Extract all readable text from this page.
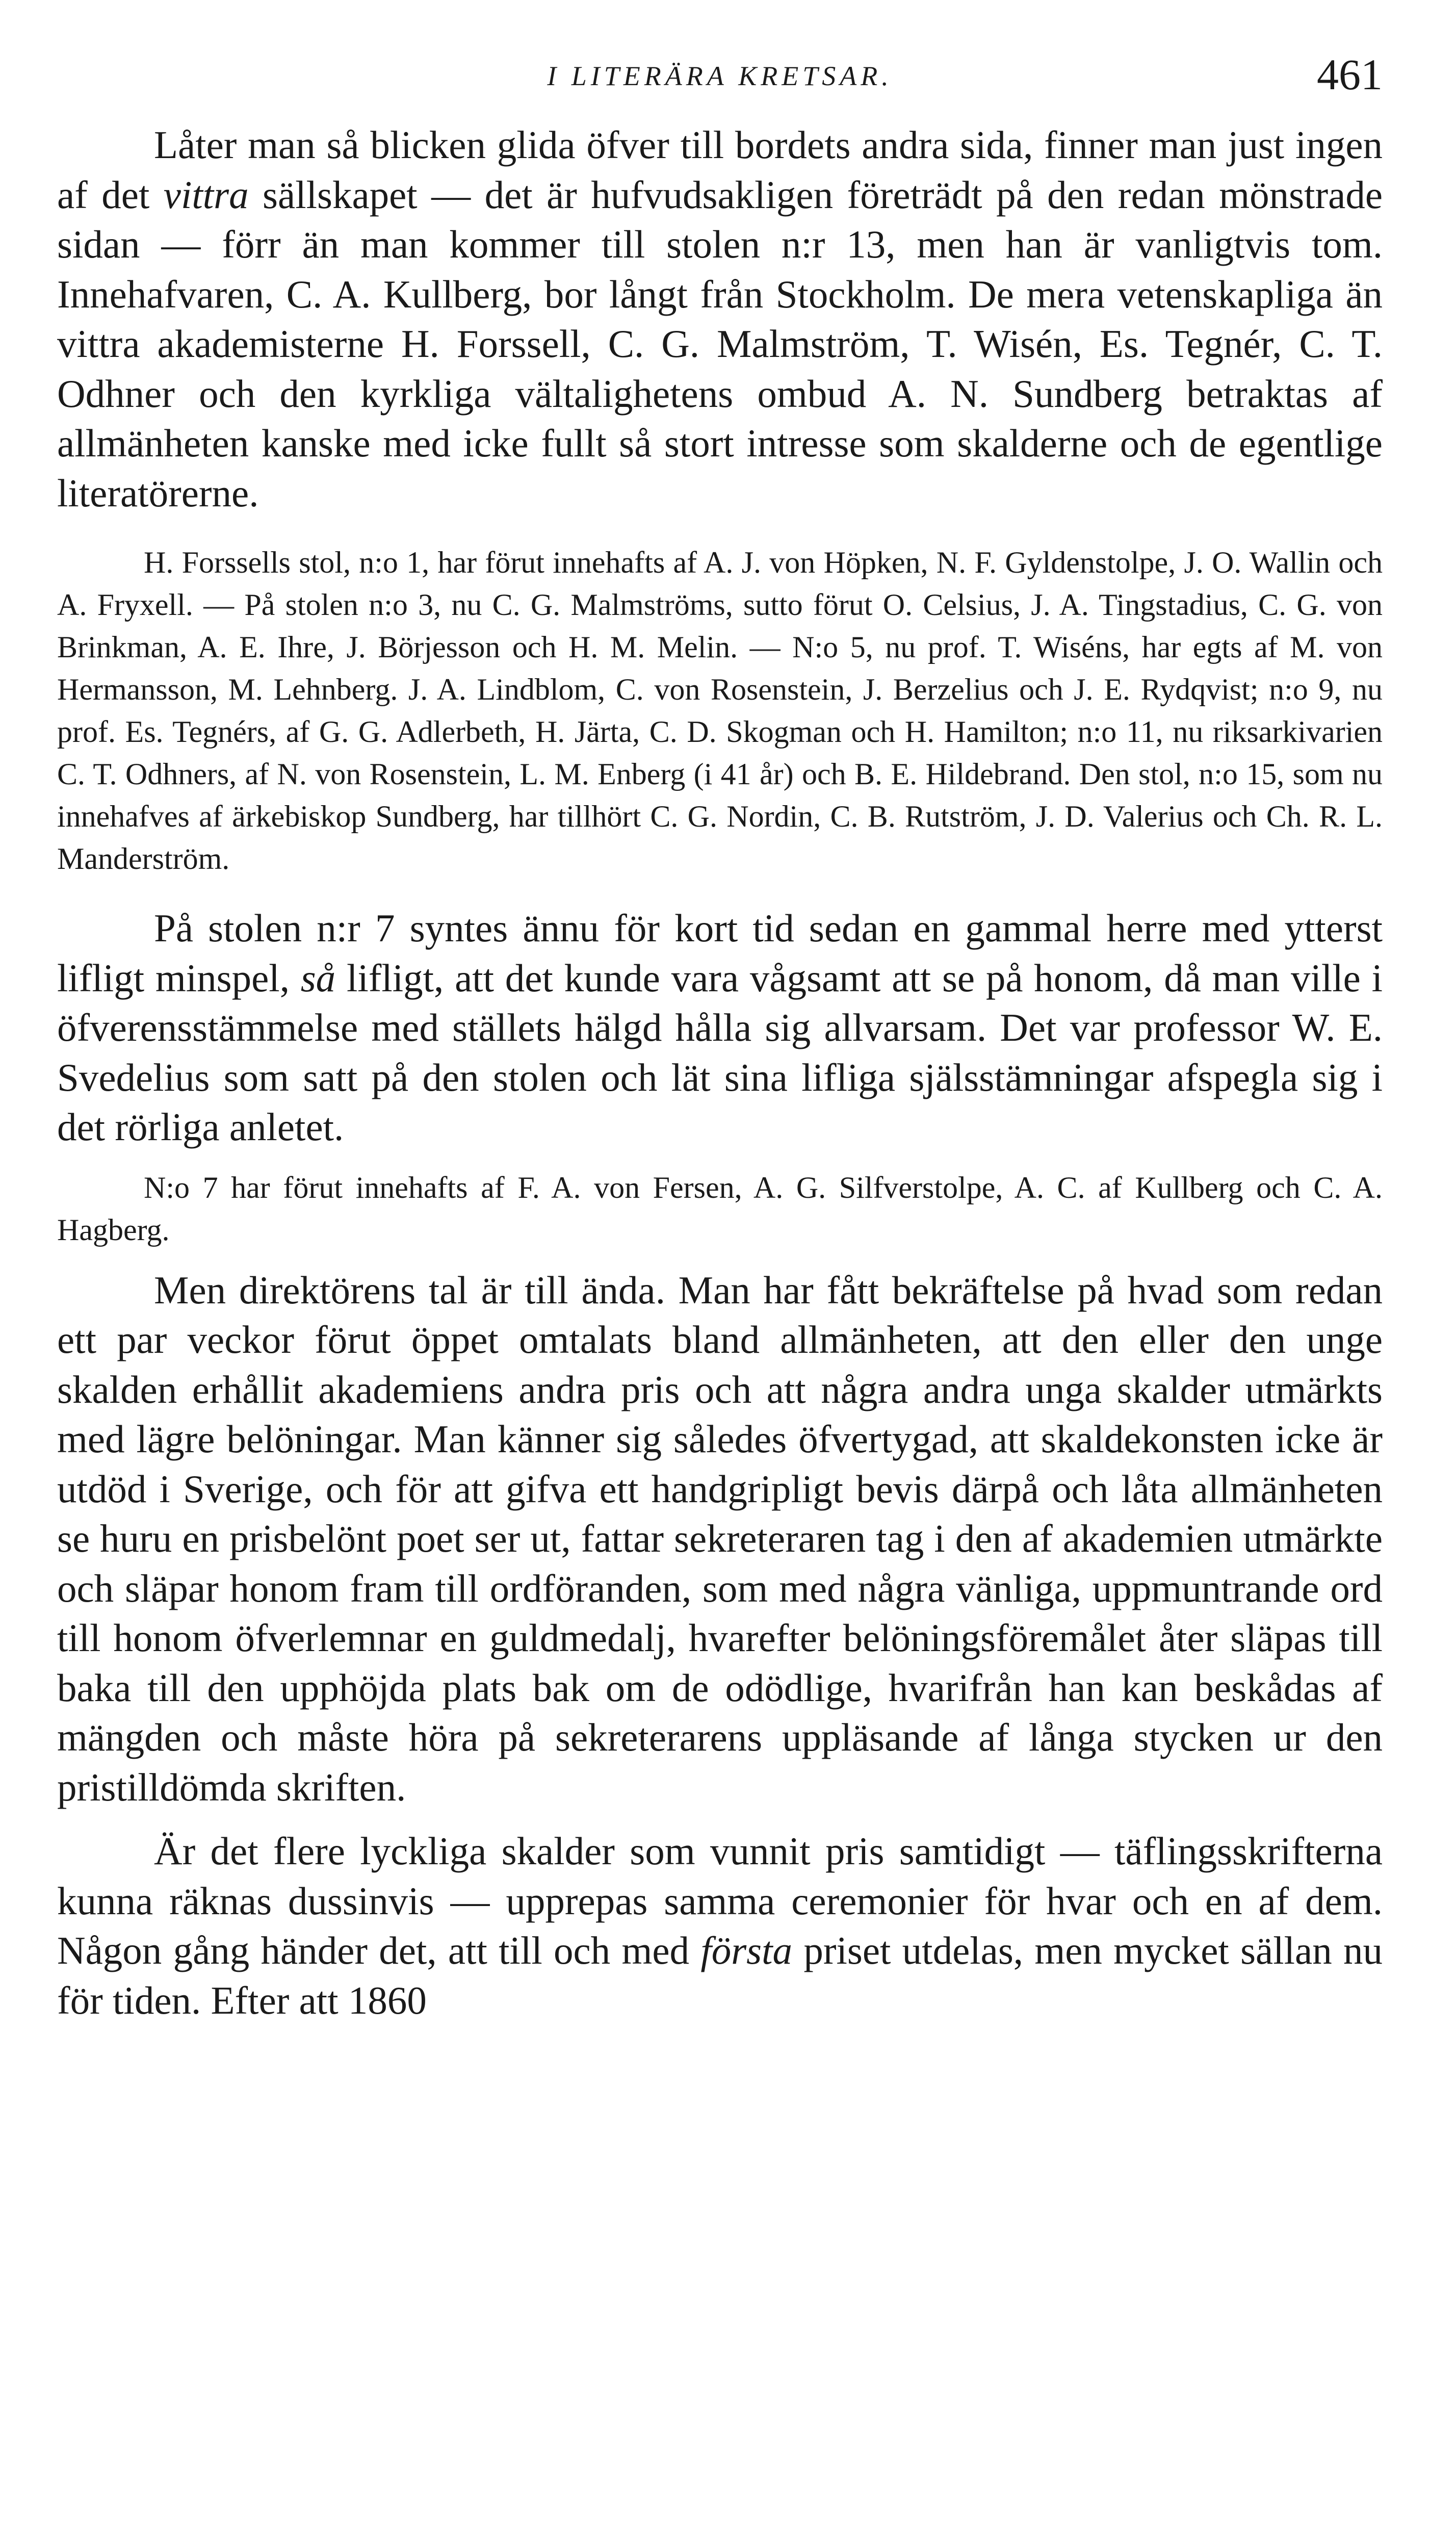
I LITERÄRA KRETSAR.	461

Låter man så blicken glida öfver till bordets andra sida, finner man just ingen af det vittra sällskapet — det är hufvudsakligen företrädt på den redan mönstrade sidan — förr än man kommer till stolen n:r 13, men han är vanligtvis tom. Innehafvaren, C. A. Kullberg, bor långt från Stockholm. De mera vetenskapliga än vittra akademisterne H. Forssell, C. G. Malmström, T. Wisén, Es. Tegnér, C. T. Odhner och den kyrkliga vältalighetens ombud A. N. Sundberg betraktas af allmänheten kanske med icke fullt så stort intresse som skalderne och de egentlige literatörerne.

H. Forssells stol, n:o 1, har förut innehafts af A. J. von Höpken, N. F. Gyldenstolpe, J. O. Wallin och A. Fryxell. — På stolen n:o 3, nu C. G. Malmströms, sutto förut O. Celsius, J. A. Tingstadius, C. G. von Brinkman, A. E. Ihre, J. Börjesson och H. M. Melin. — N:o 5, nu prof. T. Wiséns, har egts af M. von Hermansson, M. Lehnberg. J. A. Lindblom, C. von Rosenstein, J. Berzelius och J. E. Rydqvist; n:o 9, nu prof. Es. Tegnérs, af G. G. Adlerbeth, H. Järta, C. D. Skogman och H. Hamilton; n:o 11, nu riksarkivarien C. T. Odhners, af N. von Rosenstein, L. M. Enberg (i 41 år) och B. E. Hildebrand. Den stol, n:o 15, som nu innehafves af ärkebiskop Sundberg, har tillhört C. G. Nordin, C. B. Rutström, J. D. Valerius och Ch. R. L. Manderström.

På stolen n:r 7 syntes ännu för kort tid sedan en gammal herre med ytterst lifligt minspel, så lifligt, att det kunde vara vågsamt att se på honom, då man ville i öfverensstämmelse med ställets hälgd hålla sig allvarsam. Det var professor W. E. Svedelius som satt på den stolen och lät sina lifliga själsstämningar afspegla sig i det rörliga anletet.

N:o 7 har förut innehafts af F. A. von Fersen, A. G. Silfverstolpe, A. C. af Kullberg och C. A. Hagberg.

Men direktörens tal är till ända. Man har fått bekräftelse på hvad som redan ett par veckor förut öppet omtalats bland allmänheten, att den eller den unge skalden erhållit akademiens andra pris och att några andra unga skalder utmärkts med lägre belöningar. Man känner sig således öfvertygad, att skaldekonsten icke är utdöd i Sverige, och för att gifva ett handgripligt bevis därpå och låta allmänheten se huru en prisbelönt poet ser ut, fattar sekreteraren tag i den af akademien utmärkte och släpar honom fram till ordföranden, som med några vänliga, uppmuntrande ord till honom öfverlemnar en guldmedalj, hvarefter belöningsföremålet åter släpas till baka till den upphöjda plats bak om de odödlige, hvarifrån han kan beskådas af mängden och måste höra på sekreterarens uppläsande af långa stycken ur den pristilldömda skriften.

Är det flere lyckliga skalder som vunnit pris samtidigt — täflingsskrifterna kunna räknas dussinvis — upprepas samma ceremonier för hvar och en af dem. Någon gång händer det, att till och med första priset utdelas, men mycket sällan nu för tiden. Efter att 1860
